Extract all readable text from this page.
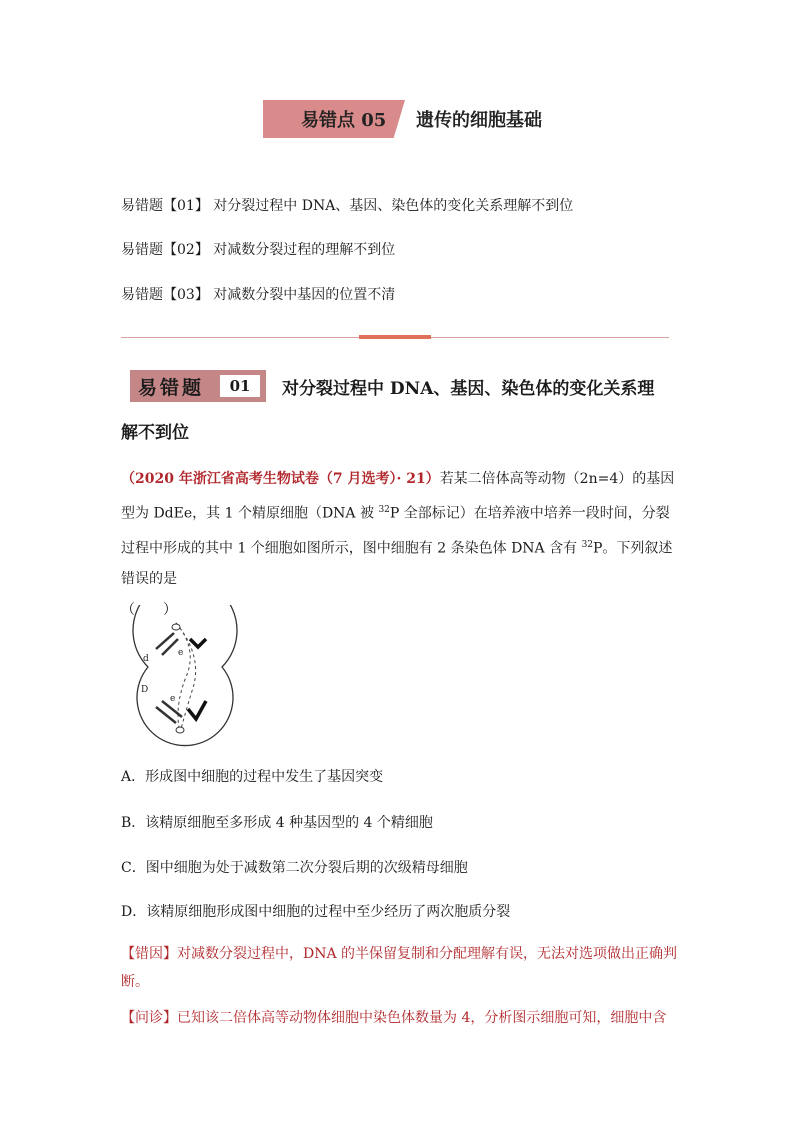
易错点 05 遗传的细胞基础
易错题【01】 对分裂过程中 DNA、基因、染色体的变化关系理解不到位
易错题【02】 对减数分裂过程的理解不到位
易错题【03】 对减数分裂中基因的位置不清
易错题	01	对分裂过程中 DNA、基因、染色体的变化关系理
解不到位
（2020 年浙江省高考生物试卷（7 月选考）· 21）若某二倍体高等动物（2n=4）的基因型为 DdEe，其 1 个精原细胞（DNA 被 $^{32}$P 全部标记）在培养液中培养一段时间，分裂过程中形成的其中 1 个细胞如图所示，图中细胞有 2 条染色体 DNA 含有 $^{32}$P。下列叙述错误的是
（　　）
d
e
D
e
A．形成图中细胞的过程中发生了基因突变
B．该精原细胞至多形成 4 种基因型的 4 个精细胞
C．图中细胞为处于减数第二次分裂后期的次级精母细胞
D．该精原细胞形成图中细胞的过程中至少经历了两次胞质分裂
【错因】对减数分裂过程中，DNA 的半保留复制和分配理解有误，无法对选项做出正确判断。
【问诊】已知该二倍体高等动物体细胞中染色体数量为 4，分析图示细胞可知，细胞中含
